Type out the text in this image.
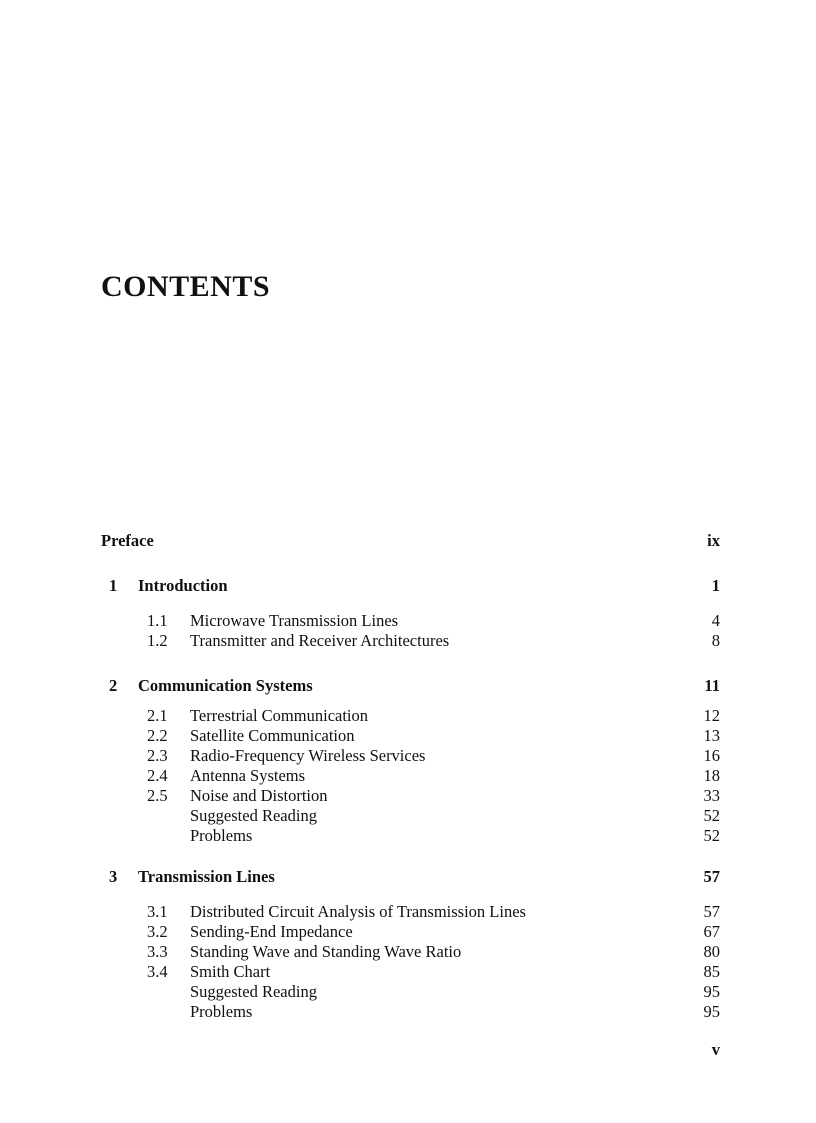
CONTENTS
Preface	ix
1 Introduction	1
1.1 Microwave Transmission Lines	4
1.2 Transmitter and Receiver Architectures	8
2 Communication Systems	11
2.1 Terrestrial Communication	12
2.2 Satellite Communication	13
2.3 Radio-Frequency Wireless Services	16
2.4 Antenna Systems	18
2.5 Noise and Distortion	33
Suggested Reading	52
Problems	52
3 Transmission Lines	57
3.1 Distributed Circuit Analysis of Transmission Lines	57
3.2 Sending-End Impedance	67
3.3 Standing Wave and Standing Wave Ratio	80
3.4 Smith Chart	85
Suggested Reading	95
Problems	95
v
